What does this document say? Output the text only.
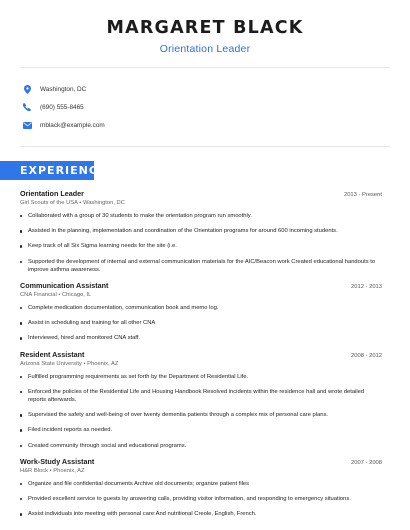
MARGARET BLACK
Orientation Leader
Washington, DC
(690) 555-8465
mblack@example.com
EXPERIENCE
Orientation Leader	2013 - Present
Girl Scouts of the USA • Washington, DC
Collaborated with a group of 30 students to make the orientation program run smoothly.
Assisted in the planning, implementation and coordination of the Orientation programs for around 600 incoming students.
Keep track of all Six Sigma learning needs for the site (i.e.
Supported the development of internal and external communication materials for the AIC/Beacon work Created educational handouts to improve asthma awareness.
Communication Assistant	2012 - 2013
CNA Financial • Chicago, IL
Complete medication documentation, communication book and memo log.
Assist in scheduling and training for all other CNA
Interviewed, hired and monitored CNA staff.
Resident Assistant	2008 - 2012
Arizona State University • Phoenix, AZ
Fulfilled programming requirements as set forth by the Department of Residential Life.
Enforced the policies of the Residential Life and Housing Handbook Resolved incidents within the residence hall and wrote detailed reports afterwards.
Supervised the safety and well-being of over twenty dementia patients through a complex mix of personal care plans.
Filed incident reports as needed.
Created community through social and educational programs.
Work-Study Assistant	2007 - 2008
H&R Block • Phoenix, AZ
Organize and file confidential documents Archive old documents; organize patient files
Provided excellent service to guests by answering calls, providing visitor information, and responding to emergency situations.
Assist individuals into meeting with personal care:And nutritional Creole, English, French.
